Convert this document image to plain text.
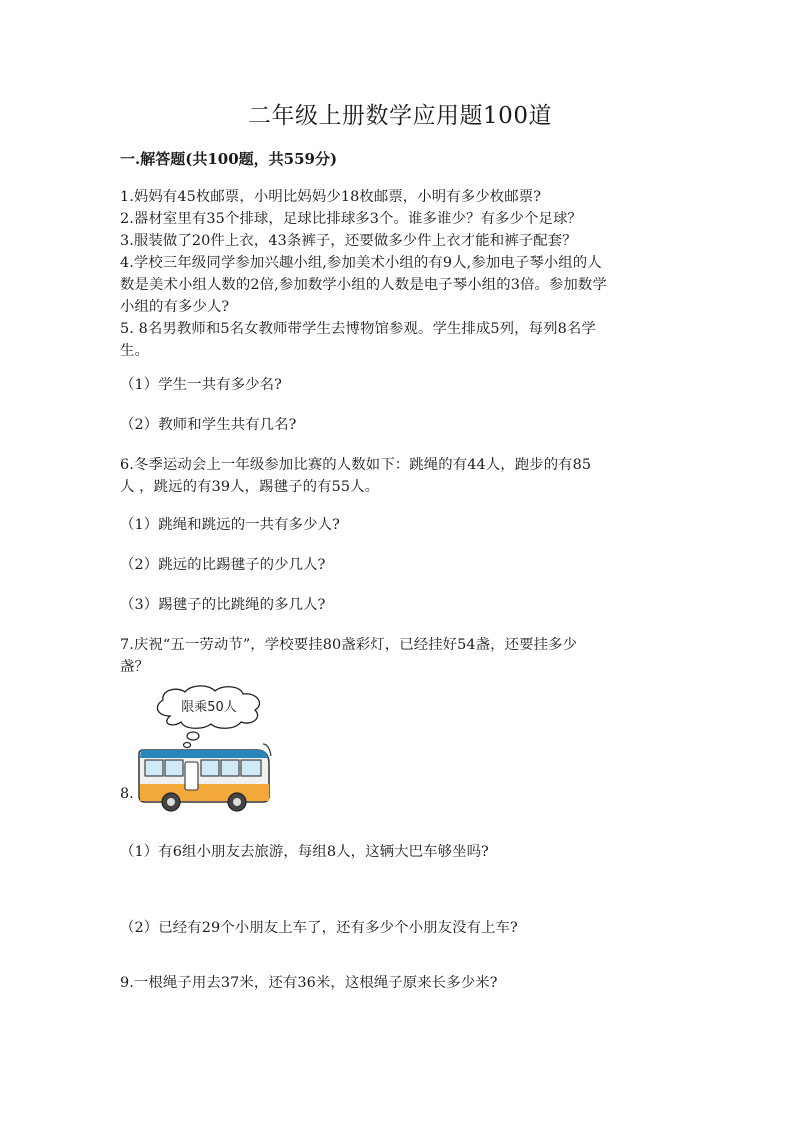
二年级上册数学应用题100道
一.解答题(共100题，共559分)
1.妈妈有45枚邮票，小明比妈妈少18枚邮票，小明有多少枚邮票?
2.器材室里有35个排球，足球比排球多3个。谁多谁少？有多少个足球？
3.服装做了20件上衣，43条裤子，还要做多少件上衣才能和裤子配套？
4.学校三年级同学参加兴趣小组,参加美术小组的有9人,参加电子琴小组的人
数是美术小组人数的2倍,参加数学小组的人数是电子琴小组的3倍。参加数学
小组的有多少人?
5. 8名男教师和5名女教师带学生去博物馆参观。学生排成5列，每列8名学
生。
（1）学生一共有多少名?
（2）教师和学生共有几名?
6.冬季运动会上一年级参加比赛的人数如下：跳绳的有44人，跑步的有85
人 ，跳远的有39人，踢毽子的有55人。
（1）跳绳和跳远的一共有多少人?
（2）跳远的比踢毽子的少几人?
（3）踢毽子的比跳绳的多几人?
7.庆祝“五一劳动节”，学校要挂80盏彩灯，已经挂好54盏，还要挂多少
盏？
8.
限乘50人
（1）有6组小朋友去旅游，每组8人，这辆大巴车够坐吗?
（2）已经有29个小朋友上车了，还有多少个小朋友没有上车?
9.一根绳子用去37米，还有36米，这根绳子原来长多少米?
